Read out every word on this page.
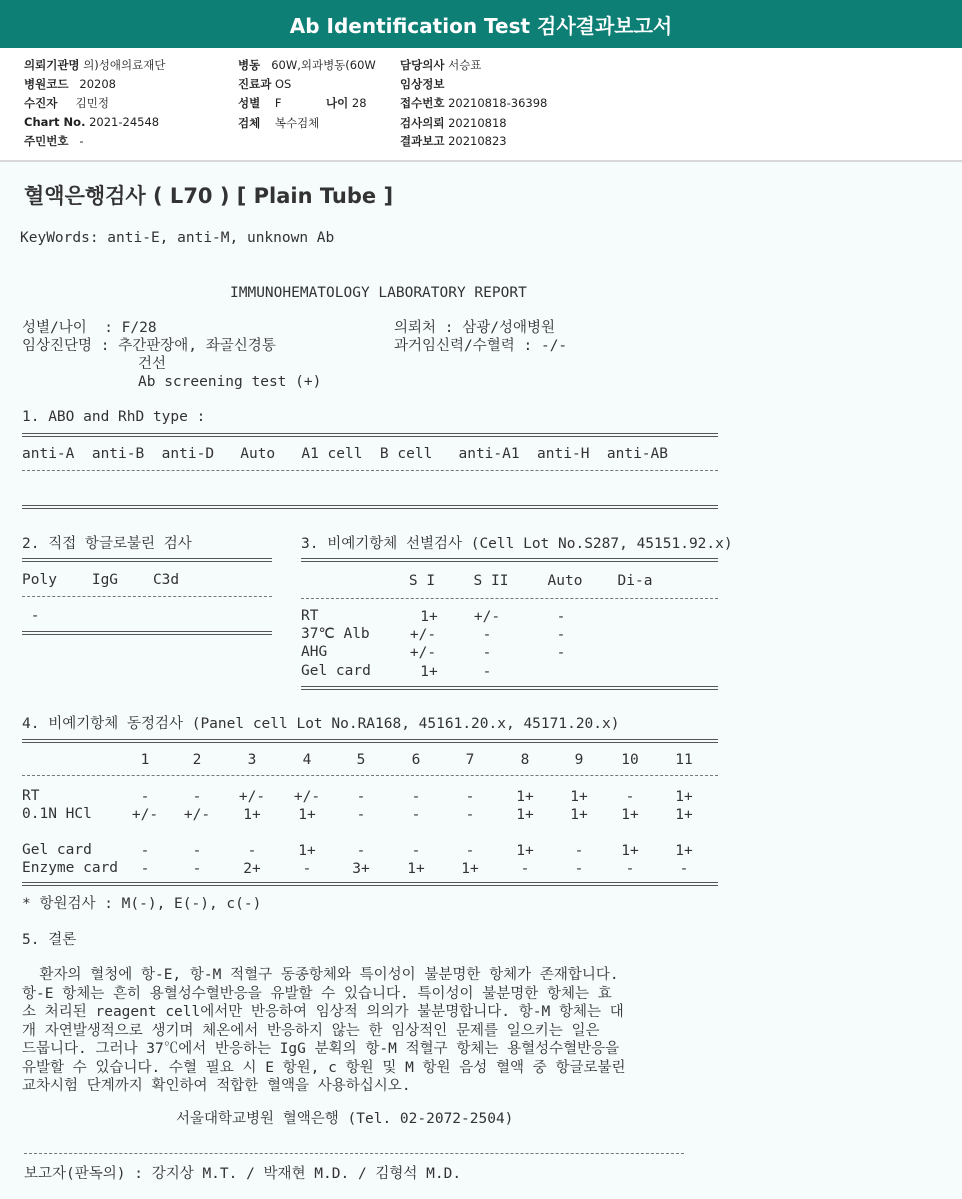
Ab Identification Test 검사결과보고서
의뢰기관명 의)성애의료재단
병원코드 20208
수진자 김민정
Chart No. 2021-24548
주민번호 -
병동 60W,외과병동(60W
진료과 OS
성별 F	나이 28
검체 복수검체
담당의사 서승표
임상정보
접수번호 20210818-36398
검사의뢰 20210818
결과보고 20210823
혈액은행검사 ( L70 ) [ Plain Tube ]
KeyWords: anti-E, anti-M, unknown Ab
IMMUNOHEMATOLOGY LABORATORY REPORT
성별/나이  : F/28
임상진단명 : 추간판장애, 좌골신경통
건선
Ab screening test (+)
의뢰처 : 삼광/성애병원
과거임신력/수혈력 : -/-
1. ABO and RhD type :
anti-A  anti-B  anti-D   Auto   A1 cell  B cell   anti-A1  anti-H  anti-AB
2. 직접 항글로불린 검사
Poly    IgG    C3d
-
3. 비예기항체 선별검사 (Cell Lot No.S287, 45151.92.x)
S I	S II	Auto	Di-a
RT	1+	+/-	-
37℃ Alb	+/-	-	-
AHG	+/-	-	-
Gel card	1+	-
4. 비예기항체 동정검사 (Panel cell Lot No.RA168, 45161.20.x, 45171.20.x)
1	2	3	4	5	6	7	8	9	10	11
RT	-	-	+/-	+/-	-	-	-	1+	1+	-	1+
0.1N HCl	+/-	+/-	1+	1+	-	-	-	1+	1+	1+	1+
Gel card	-	-	-	1+	-	-	-	1+	-	1+	1+
Enzyme card	-	-	2+	-	3+	1+	1+	-	-	-	-
* 항원검사 : M(-), E(-), c(-)
5. 결론
환자의 혈청에 항-E, 항-M 적혈구 동종항체와 특이성이 불분명한 항체가 존재합니다.
항-E 항체는 흔히 용혈성수혈반응을 유발할 수 있습니다. 특이성이 불분명한 항체는 효
소 처리된 reagent cell에서만 반응하여 임상적 의의가 불분명합니다. 항-M 항체는 대
개 자연발생적으로 생기며 체온에서 반응하지 않는 한 임상적인 문제를 일으키는 일은
드뭅니다. 그러나 37℃에서 반응하는 IgG 분획의 항-M 적혈구 항체는 용혈성수혈반응을
유발할 수 있습니다. 수혈 필요 시 E 항원, c 항원 및 M 항원 음성 혈액 중 항글로불린
교차시험 단계까지 확인하여 적합한 혈액을 사용하십시오.
서울대학교병원 혈액은행 (Tel. 02-2072-2504)
보고자(판독의) : 강지상 M.T. / 박재현 M.D. / 김형석 M.D.
